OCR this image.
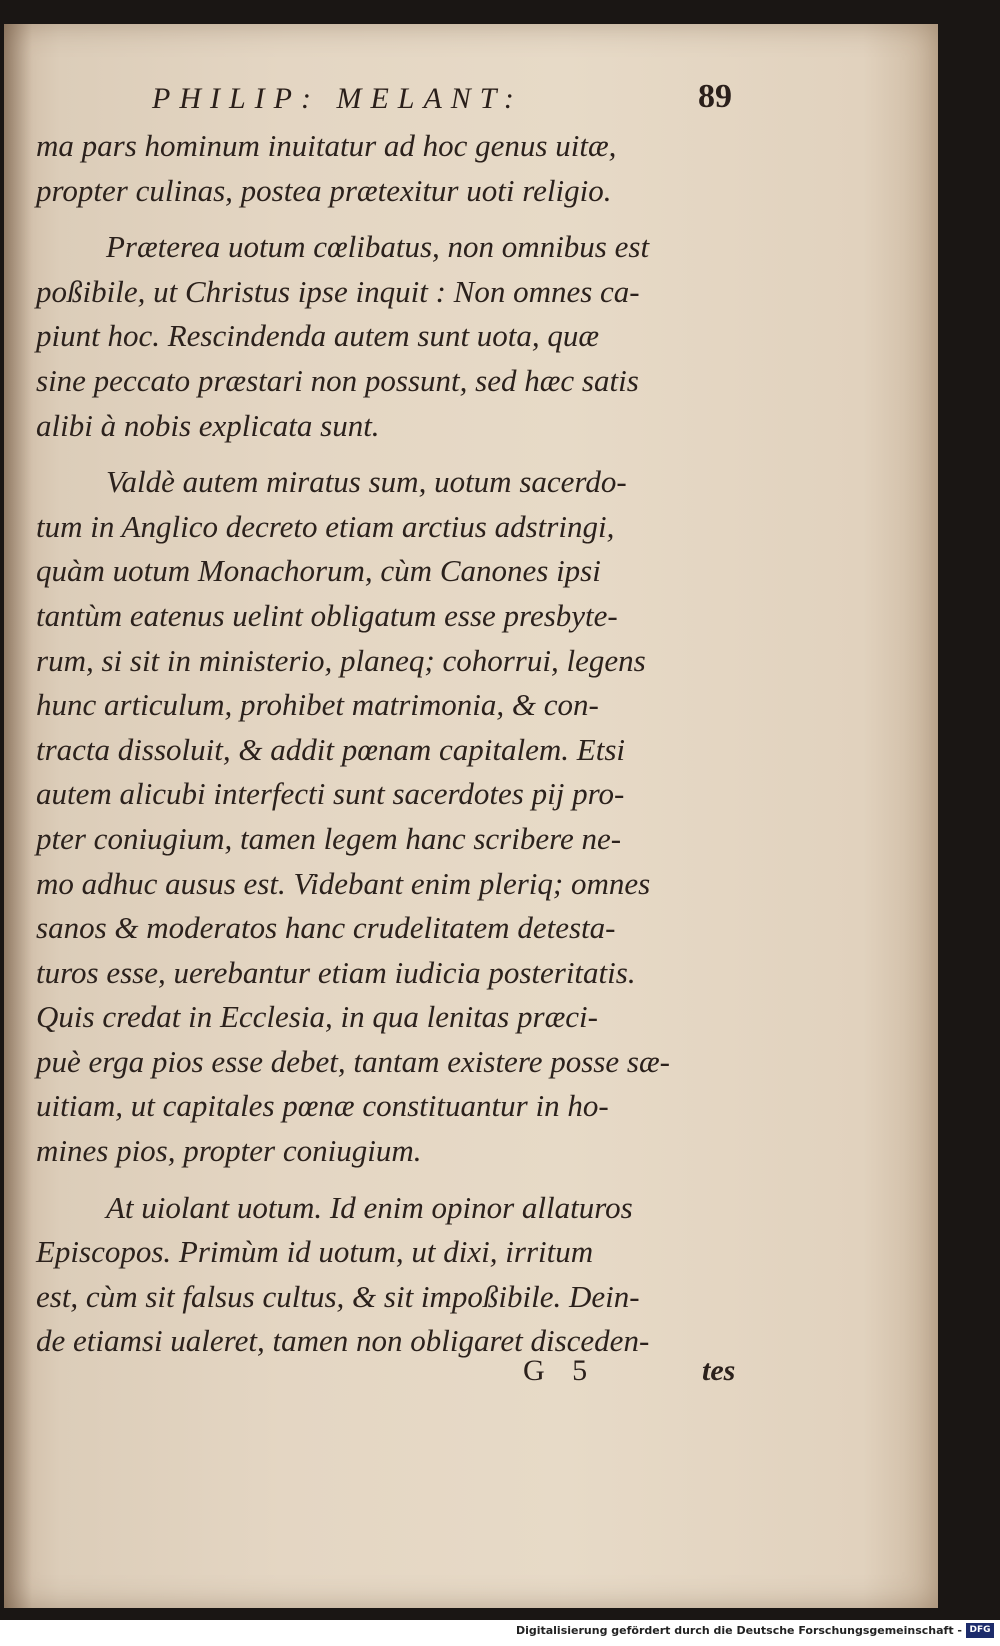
PHILIP: MELANT:	89
ma pars hominum inuitatur ad hoc genus uitæ,
propter culinas, postea prætexitur uoti religio.
Præterea uotum cœlibatus, non omnibus est
poßibile, ut Christus ipse inquit : Non omnes ca-
piunt hoc. Rescindenda autem sunt uota, quæ
sine peccato præstari non possunt, sed hæc satis
alibi à nobis explicata sunt.
Valdè autem miratus sum, uotum sacerdo-
tum in Anglico decreto etiam arctius adstringi,
quàm uotum Monachorum, cùm Canones ipsi
tantùm eatenus uelint obligatum esse presbyte-
rum, si sit in ministerio, planeq; cohorrui, legens
hunc articulum, prohibet matrimonia, & con-
tracta dissoluit, & addit pœnam capitalem. Etsi
autem alicubi interfecti sunt sacerdotes pij pro-
pter coniugium, tamen legem hanc scribere ne-
mo adhuc ausus est. Videbant enim pleriq; omnes
sanos & moderatos hanc crudelitatem detesta-
turos esse, uerebantur etiam iudicia posteritatis.
Quis credat in Ecclesia, in qua lenitas præci-
puè erga pios esse debet, tantam existere posse sæ-
uitiam, ut capitales pœnæ constituantur in ho-
mines pios, propter coniugium.
At uiolant uotum. Id enim opinor allaturos
Episcopos. Primùm id uotum, ut dixi, irritum
est, cùm sit falsus cultus, & sit impoßibile. Dein-
de etiamsi ualeret, tamen non obligaret disceden-
G 5	tes
Digitalisierung gefördert durch die Deutsche Forschungsgemeinschaft - DFG
